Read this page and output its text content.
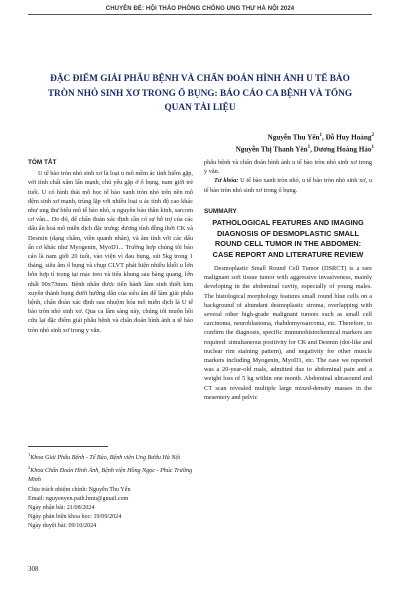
CHUYÊN ĐỀ: HỘI THẢO PHÒNG CHỐNG UNG THƯ HÀ NỘI 2024
ĐẶC ĐIỂM GIẢI PHẪU BỆNH VÀ CHẨN ĐOÁN HÌNH ẢNH U TẾ BÀO TRÒN NHỎ SINH XƠ TRONG Ổ BỤNG: BÁO CÁO CA BỆNH VÀ TỔNG QUAN TÀI LIỆU
Nguyễn Thu Yến$^1$, Đỗ Huy Hoàng$^2$
Nguyễn Thị Thanh Yên$^1$, Dương Hoàng Hảo$^1$
TÓM TẮT

U tế bào tròn nhỏ sinh xơ là loại u mô mềm ác tính hiếm gặp, với tính chất xâm lấn mạnh, chủ yếu gặp ở ổ bụng, nam giới trẻ tuổi. U có hình thái mô học tế bào xanh tròn nhỏ trên nền mô đệm sinh xơ mạnh, trùng lặp với nhiều loại u ác tính độ cao khác như ung thư biểu mô tế bào nhỏ, u nguyên bào thần kinh, sarcom cơ vân... Do đó, để chẩn đoán xác định cần có sự hỗ trợ của các dấu ấn hoá mô miễn dịch đặc trưng: dương tính đồng thời CK và Desmin (dạng chấm, viền quanh nhân), và âm tính với các dấu ấn cơ khác như Myogenin, MyoD1... Trường hợp chúng tôi báo cáo là nam giới 20 tuổi, vào viện vì đau bụng, sút 5kg trong 1 tháng, siêu âm ổ bụng và chụp CLVT phát hiện nhiều khối u lớn hỗn hợp tỉ trọng tại mạc treo và tiểu khung sau bàng quang, lớn nhất 90x73mm. Bệnh nhân được tiến hành làm sinh thiết kim xuyên thành bụng dưới hướng dẫn của siêu âm để làm giải phẫu bệnh, chẩn đoán xác định sau nhuộm hóa mô miễn dịch là U tế bào tròn nhỏ sinh xơ. Qua ca lâm sàng này, chúng tôi muốn hồi cứu lại đặc điểm giải phẫu bệnh và chẩn đoán hình ảnh u tế bào tròn nhỏ sinh xơ trong y văn.

phẫu bệnh và chẩn đoán hình ảnh u tế bào tròn nhỏ sinh xơ trong y văn.

Từ khóa: U tế bào xanh tròn nhỏ, u tế bào tròn nhỏ sinh xơ, u tế bào tròn nhỏ sinh xơ trong ổ bụng.

SUMMARY
PATHOLOGICAL FEATURES AND IMAGING DIAGNOSIS OF DESMOPLASTIC SMALL ROUND CELL TUMOR IN THE ABDOMEN: CASE REPORT AND LITERATURE REVIEW

Desmoplastic Small Round Cell Tumor (DSRCT) is a rare malignant soft tissue tumor with aggressive invasiveness, mainly developing in the abdominal cavity, especially of young males. The histological morphology features small round blue cells on a background of abundant desmoplastic stroma, overlapping with several other high-grade malignant tumors such as small cell carcinoma, neuroblastoma, rhabdomyosarcoma, etc. Therefore, to confirm the diagnosis, specific immunohistochemical markers are required: simultaneous positivity for CK and Desmin (dot-like and nuclear rim staining pattern), and negativity for other muscle markers including Myogenin, MyoD1, etc. The case we reported was a 20-year-old male, admitted due to abdominal pain and a weight loss of 5 kg within one month. Abdominal ultrasound and CT scan revealed multiple large mixed-density masses in the mesentery and pelvic

$^1$Khoa Giải Phẫu Bệnh - Tế Bào, Bệnh viện Ung Bướu Hà Nội
$^2$Khoa Chẩn Đoán Hình Ảnh, Bệnh viện Hồng Ngọc - Phúc Trường Minh
Chịu trách nhiệm chính: Nguyễn Thu Yến
Email: nguyenyen.path.hmu@gmail.com
Ngày nhận bài: 21/08/2024
Ngày phản biện khoa học: 19/09/2024
Ngày duyệt bài: 09/10/2024
308
